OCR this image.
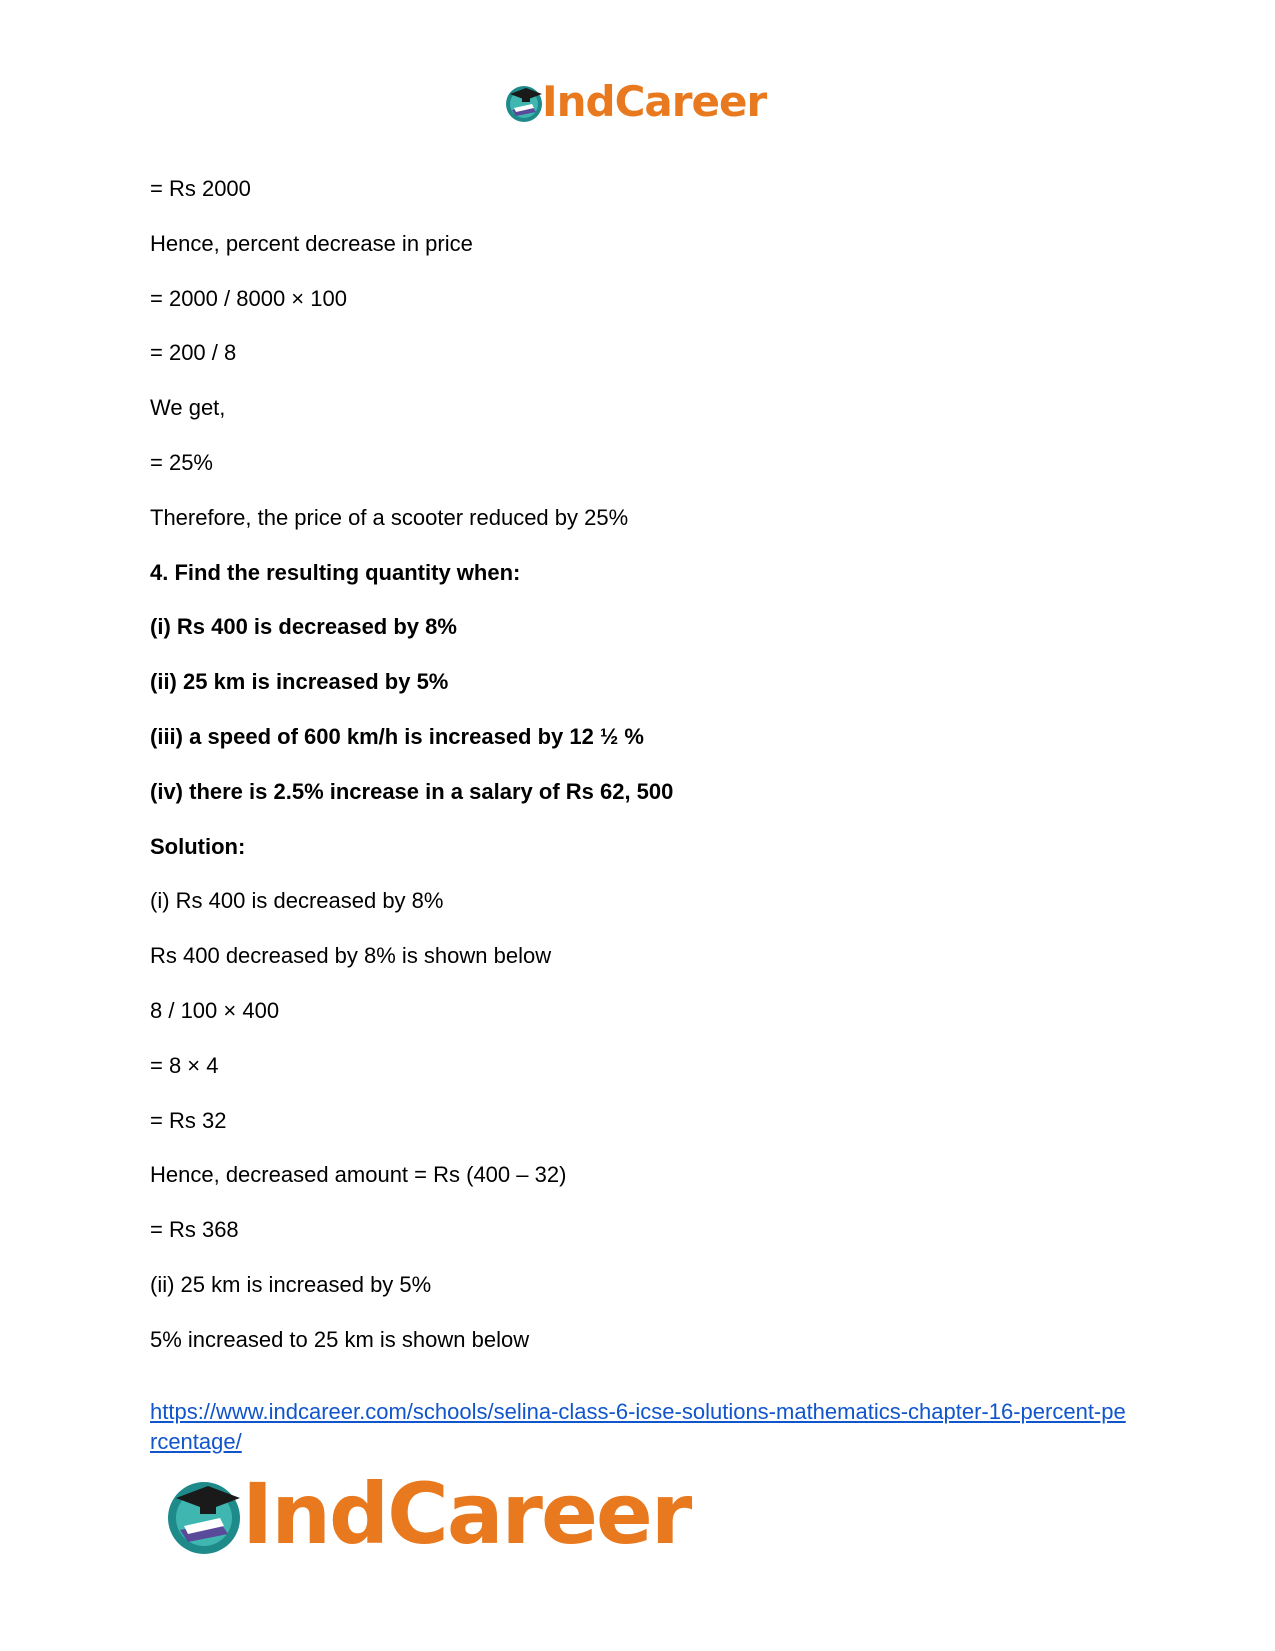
IndCareer
= Rs 2000
Hence, percent decrease in price
= 2000 / 8000 × 100
= 200 / 8
We get,
= 25%
Therefore, the price of a scooter reduced by 25%
4. Find the resulting quantity when:
(i) Rs 400 is decreased by 8%
(ii) 25 km is increased by 5%
(iii) a speed of 600 km/h is increased by 12 ½ %
(iv) there is 2.5% increase in a salary of Rs 62, 500
Solution:
(i) Rs 400 is decreased by 8%
Rs 400 decreased by 8% is shown below
8 / 100 × 400
= 8 × 4
= Rs 32
Hence, decreased amount = Rs (400 – 32)
= Rs 368
(ii) 25 km is increased by 5%
5% increased to 25 km is shown below
https://www.indcareer.com/schools/selina-class-6-icse-solutions-mathematics-chapter-16-percent-percentage/
IndCareer
